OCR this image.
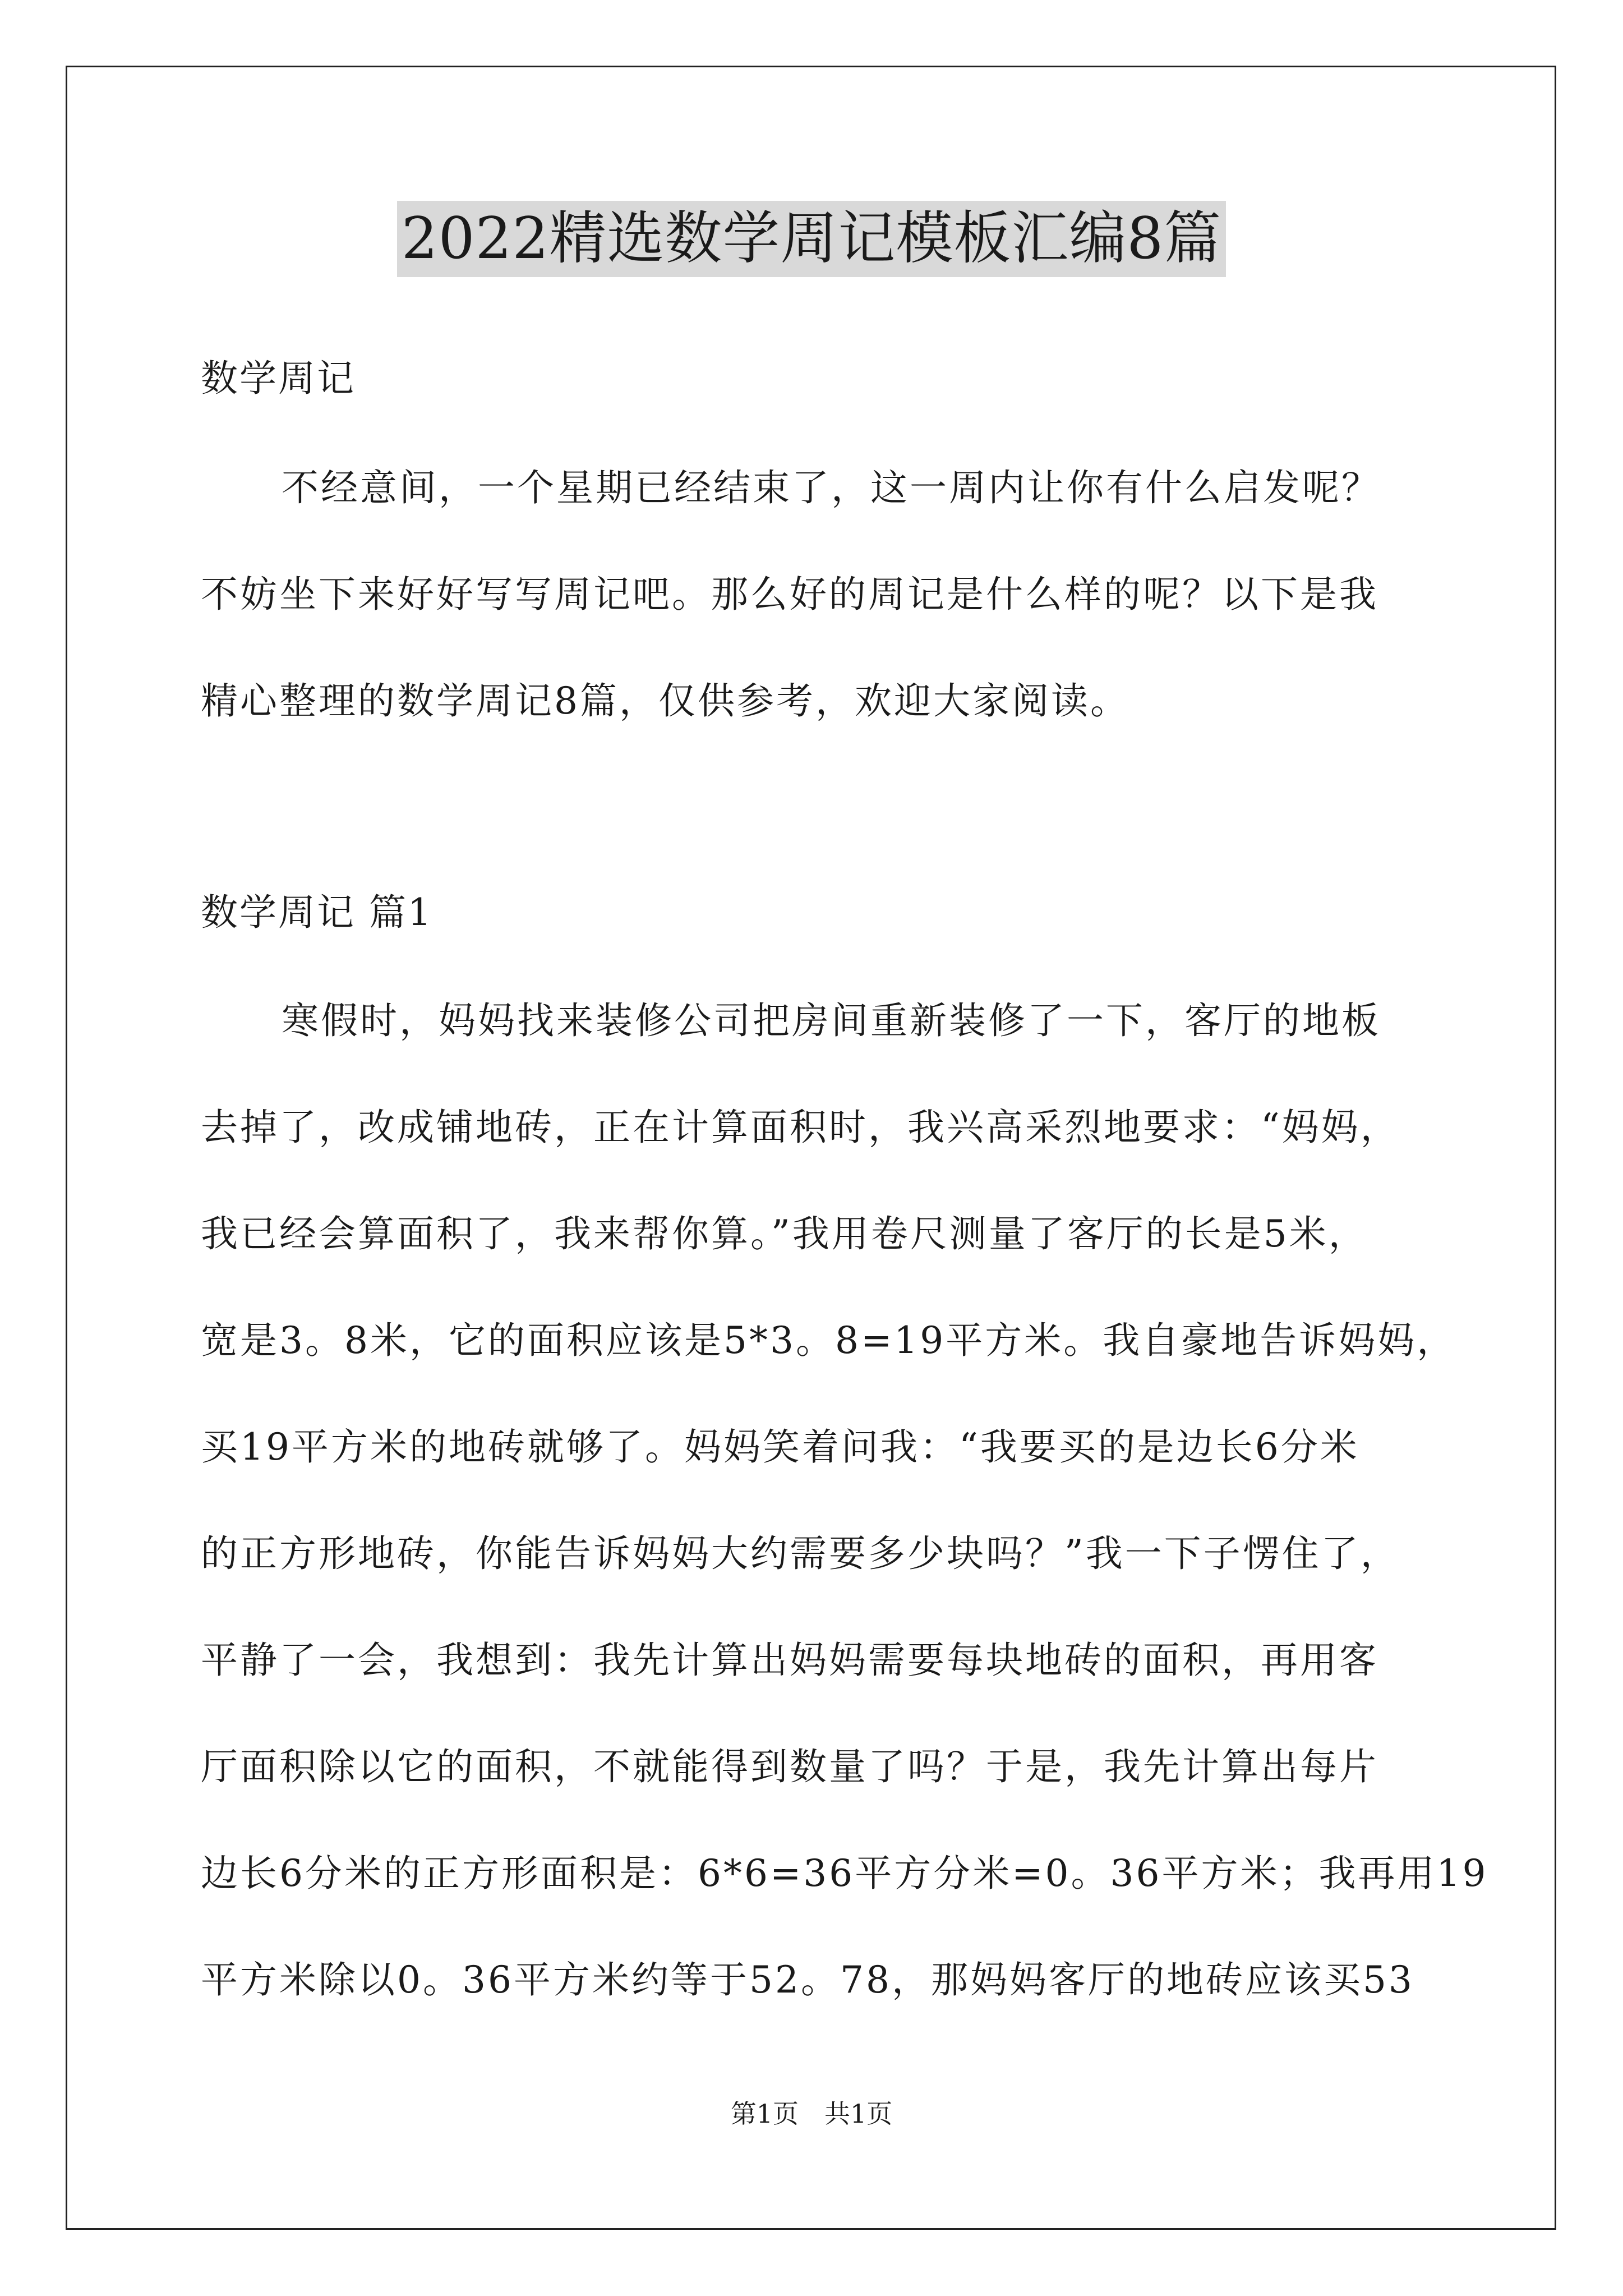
2022精选数学周记模板汇编8篇
数学周记
不经意间，一个星期已经结束了，这一周内让你有什么启发呢？
不妨坐下来好好写写周记吧。那么好的周记是什么样的呢？以下是我
精心整理的数学周记8篇，仅供参考，欢迎大家阅读。
数学周记 篇1
寒假时，妈妈找来装修公司把房间重新装修了一下，客厅的地板
去掉了，改成铺地砖，正在计算面积时，我兴高采烈地要求：“妈妈，
我已经会算面积了，我来帮你算。”我用卷尺测量了客厅的长是5米，
宽是3。8米，它的面积应该是5*3。8=19平方米。我自豪地告诉妈妈，
买19平方米的地砖就够了。妈妈笑着问我：“我要买的是边长6分米
的正方形地砖，你能告诉妈妈大约需要多少块吗？”我一下子愣住了，
平静了一会，我想到：我先计算出妈妈需要每块地砖的面积，再用客
厅面积除以它的面积，不就能得到数量了吗？于是，我先计算出每片
边长6分米的正方形面积是：6*6=36平方分米=0。36平方米；我再用19
平方米除以0。36平方米约等于52。78，那妈妈客厅的地砖应该买53
第1页　共1页
